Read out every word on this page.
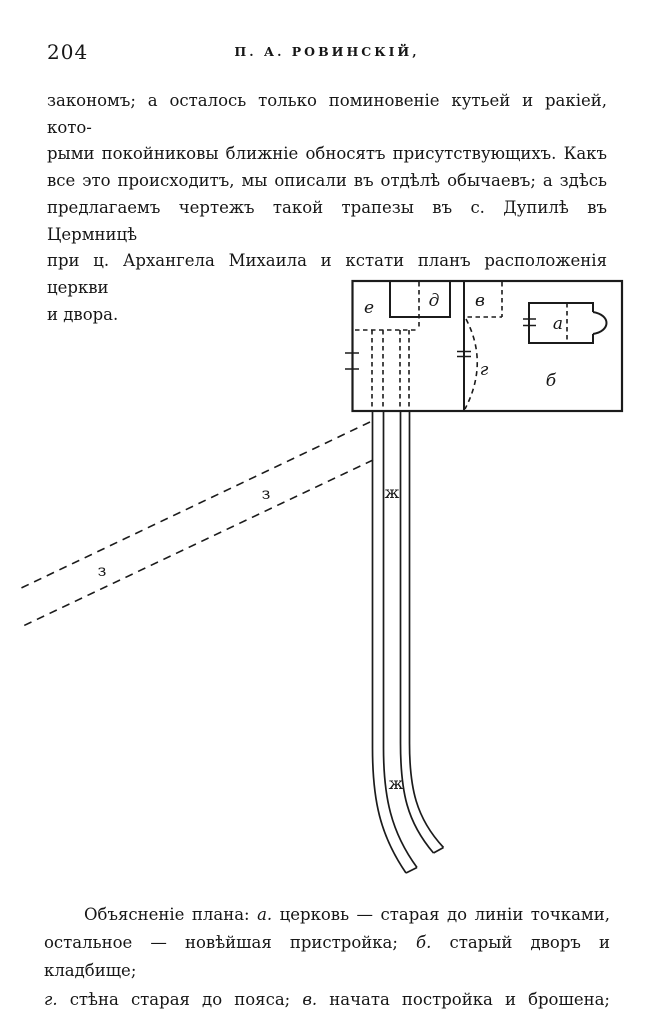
204	П. А. РОВИНСКІЙ,
закономъ; а осталось только поминовеніе кутьей и ракіей, кото-
рыми покойниковы ближніе обносятъ присутствующихъ. Какъ
все это происходитъ, мы описали въ отдѣлѣ обычаевъ; а здѣсь
предлагаемъ чертежъ такой трапезы въ с. Дупилѣ въ Цермницѣ
при ц. Архангела Михаила и кстати планъ расположенія церкви
и двора.	е	д в
а
б
г
ж
ж
з
з
Объясненіе плана: а. церковь — старая до линіи точками,
остальное — новѣйшая пристройка; б. старый дворъ и кладбище;
г. стѣна старая до пояса; в. начата постройка и брошена;
